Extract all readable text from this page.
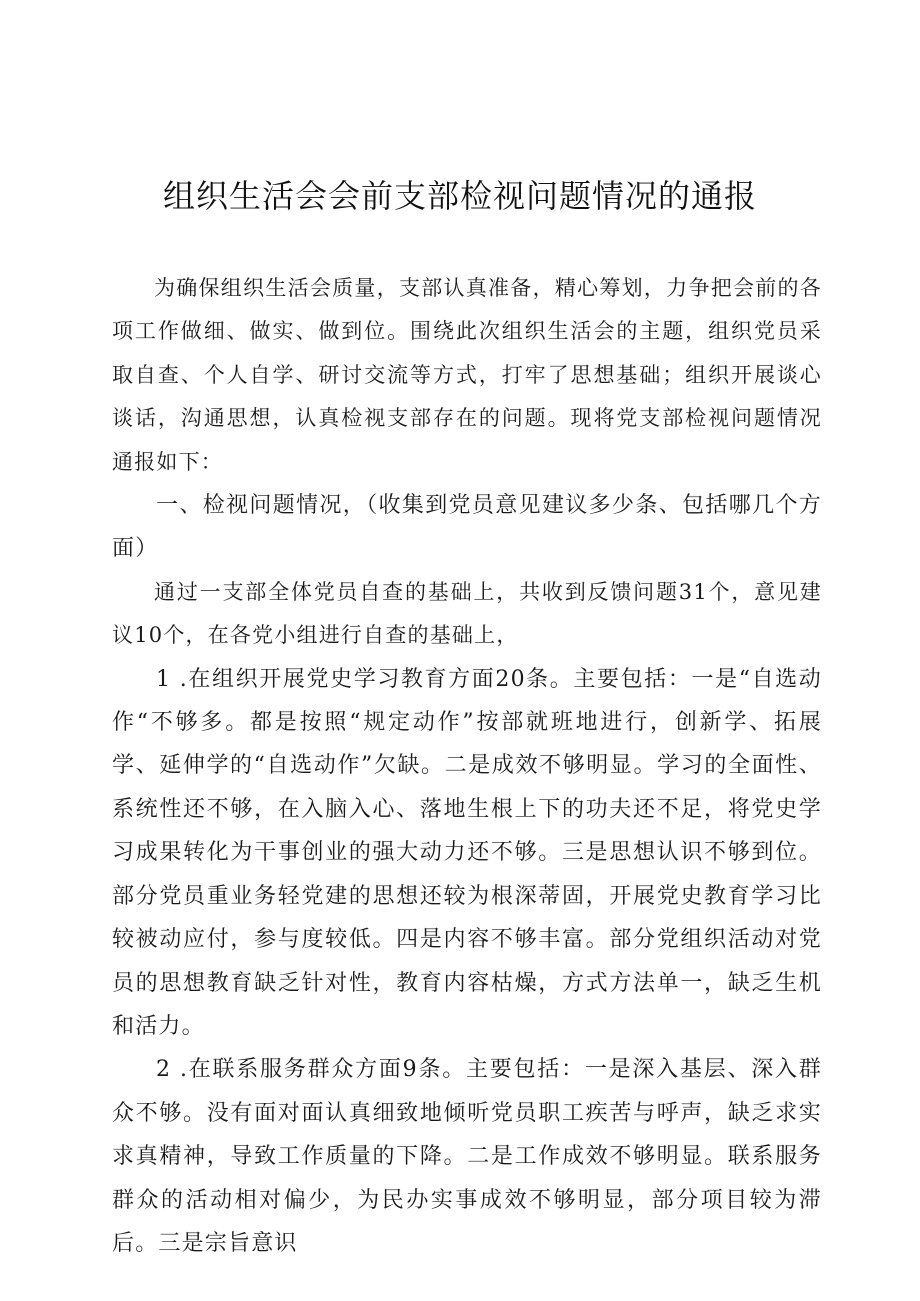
组织生活会会前支部检视问题情况的通报

为确保组织生活会质量，支部认真准备，精心筹划，力争把会前的各项工作做细、做实、做到位。围绕此次组织生活会的主题，组织党员采取自查、个人自学、研讨交流等方式，打牢了思想基础；组织开展谈心谈话，沟通思想，认真检视支部存在的问题。现将党支部检视问题情况通报如下：

一、检视问题情况，（收集到党员意见建议多少条、包括哪几个方面）

通过一支部全体党员自查的基础上，共收到反馈问题31个，意见建议10个，在各党小组进行自查的基础上，

1 .在组织开展党史学习教育方面20条。主要包括：一是“自选动作“不够多。都是按照“规定动作”按部就班地进行，创新学、拓展学、延伸学的“自选动作”欠缺。二是成效不够明显。学习的全面性、系统性还不够，在入脑入心、落地生根上下的功夫还不足，将党史学习成果转化为干事创业的强大动力还不够。三是思想认识不够到位。部分党员重业务轻党建的思想还较为根深蒂固，开展党史教育学习比较被动应付，参与度较低。四是内容不够丰富。部分党组织活动对党员的思想教育缺乏针对性，教育内容枯燥，方式方法单一，缺乏生机和活力。

2 .在联系服务群众方面9条。主要包括：一是深入基层、深入群众不够。没有面对面认真细致地倾听党员职工疾苦与呼声，缺乏求实求真精神，导致工作质量的下降。二是工作成效不够明显。联系服务群众的活动相对偏少，为民办实事成效不够明显，部分项目较为滞后。三是宗旨意识
